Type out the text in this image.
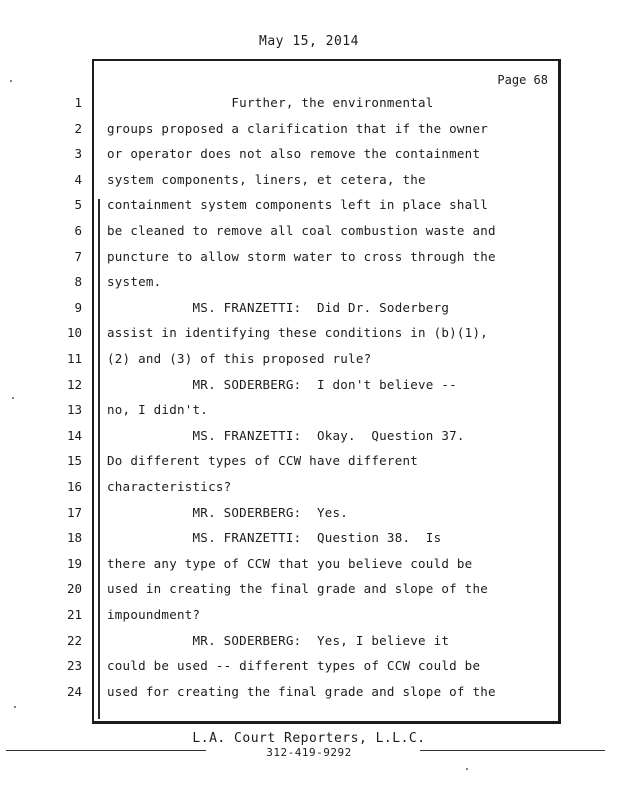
May 15, 2014
Page 68
1 Further, the environmental
2 groups proposed a clarification that if the owner
3 or operator does not also remove the containment
4 system components, liners, et cetera, the
5 containment system components left in place shall
6 be cleaned to remove all coal combustion waste and
7 puncture to allow storm water to cross through the
8 system.
9 MS. FRANZETTI:  Did Dr. Soderberg
10 assist in identifying these conditions in (b)(1),
11 (2) and (3) of this proposed rule?
12 MR. SODERBERG:  I don't believe --
13 no, I didn't.
14 MS. FRANZETTI:  Okay.  Question 37.
15 Do different types of CCW have different
16 characteristics?
17 MR. SODERBERG:  Yes.
18 MS. FRANZETTI:  Question 38.  Is
19 there any type of CCW that you believe could be
20 used in creating the final grade and slope of the
21 impoundment?
22 MR. SODERBERG:  Yes, I believe it
23 could be used -- different types of CCW could be
24 used for creating the final grade and slope of the
L.A. Court Reporters, L.L.C.
312-419-9292
